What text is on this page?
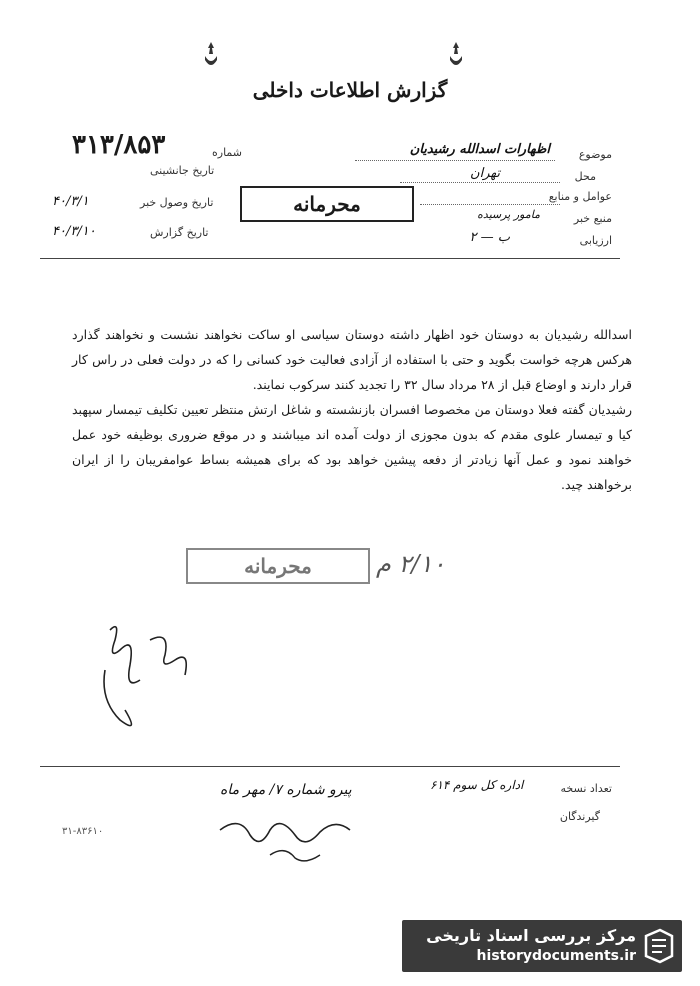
گزارش اطلاعات داخلی
موضوع
اظهارات اسدالله رشیدیان
محل
تهران
عوامل و منابع
منبع خبر
مامور پرسیده
ارزیابی
ب — ۲
شماره
۳۱۳/۸۵۳
تاریخ جانشینی
تاریخ وصول خبر
۴۰/۳/۱
تاریخ گزارش
۴۰/۳/۱۰
محرمانه

اسدالله رشیدیان به دوستان خود اظهار داشته دوستان سیاسی او ساکت نخواهند نشست و نخواهند گذارد هرکس هرچه خواست بگوید و حتی با استفاده از آزادی فعالیت خود کسانی را که در دولت فعلی در راس کار قرار دارند و اوضاع قبل از ۲۸ مرداد سال ۳۲ را تجدید کنند سرکوب نمایند.

رشیدیان گفته فعلا دوستان من مخصوصا افسران بازنشسته و شاغل ارتش منتظر تعیین تکلیف تیمسار سپهبد کیا و تیمسار علوی مقدم که بدون مجوزی از دولت آمده اند میباشند و در موقع ضروری بوظیفه خود عمل خواهند نمود و عمل آنها زیادتر از دفعه پیشین خواهد بود که برای همیشه بساط عوامفریبان را از ایران برخواهند چید.

محرمانه	۲/۱۰ م
تعداد نسخه
اداره کل سوم ۶۱۴
گیرندگان
پیرو شماره ۷/ مهر ماه
۳۱-۸۳۶۱۰
مرکز بررسی اسناد تاریخی
historydocuments.ir
